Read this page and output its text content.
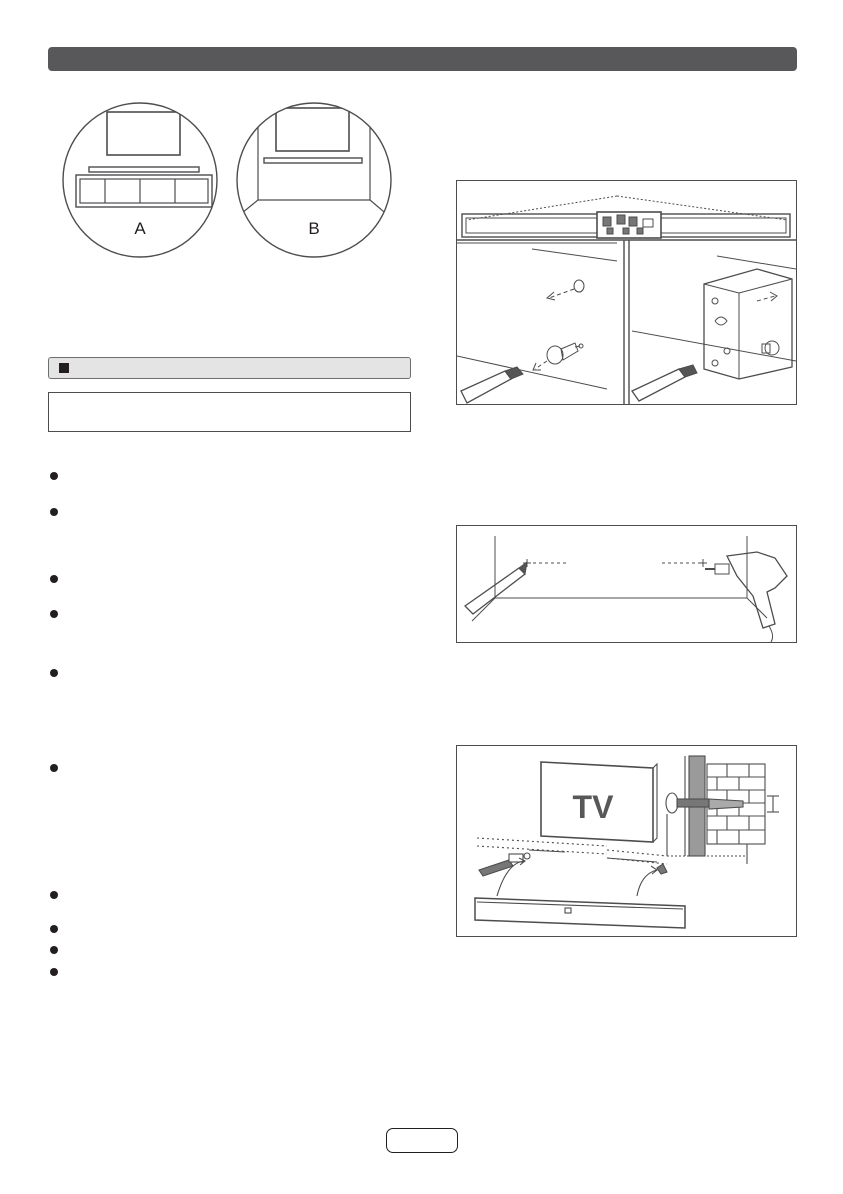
A	B
TV
